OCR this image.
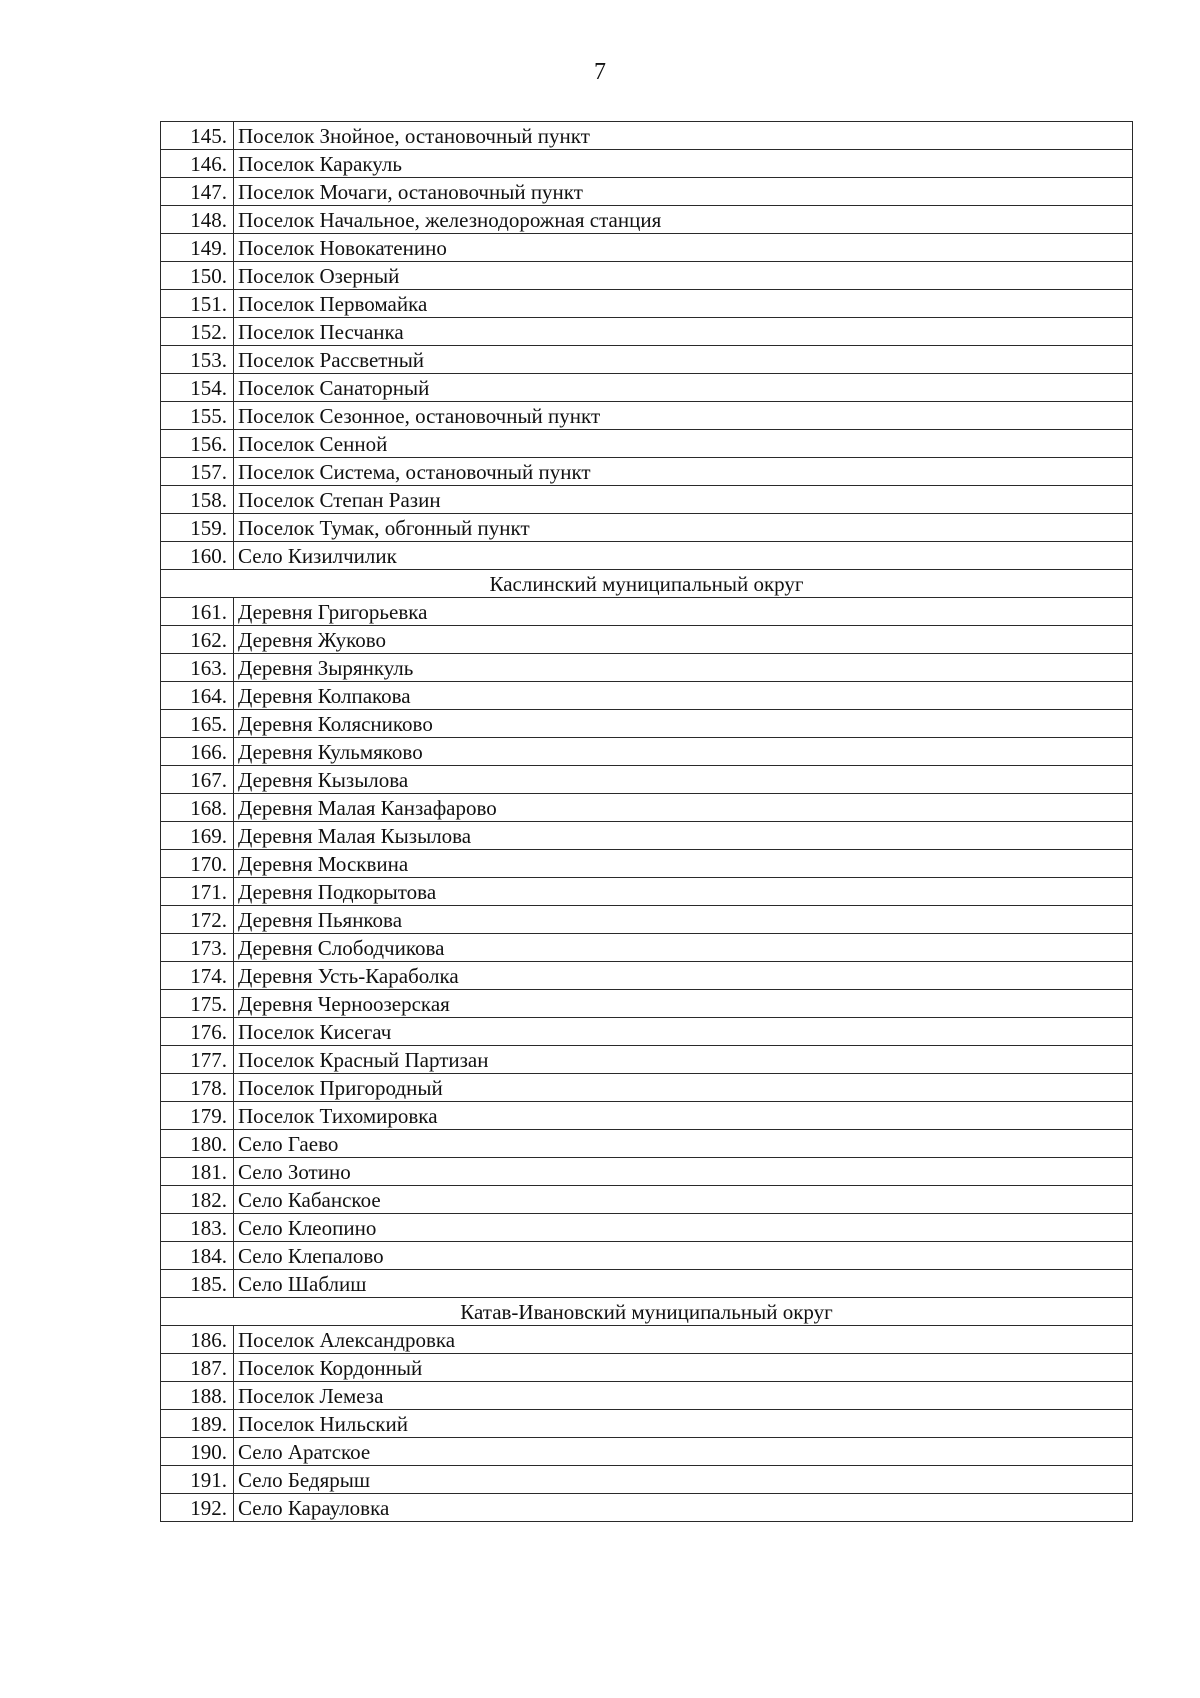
7
145.	Поселок Знойное, остановочный пункт
146.	Поселок Каракуль
147.	Поселок Мочаги, остановочный пункт
148.	Поселок Начальное, железнодорожная станция
149.	Поселок Новокатенино
150.	Поселок Озерный
151.	Поселок Первомайка
152.	Поселок Песчанка
153.	Поселок Рассветный
154.	Поселок Санаторный
155.	Поселок Сезонное, остановочный пункт
156.	Поселок Сенной
157.	Поселок Система, остановочный пункт
158.	Поселок Степан Разин
159.	Поселок Тумак, обгонный пункт
160.	Село Кизилчилик
Каслинский муниципальный округ	
161.	Деревня Григорьевка
162.	Деревня Жуково
163.	Деревня Зырянкуль
164.	Деревня Колпакова
165.	Деревня Колясниково
166.	Деревня Кульмяково
167.	Деревня Кызылова
168.	Деревня Малая Канзафарово
169.	Деревня Малая Кызылова
170.	Деревня Москвина
171.	Деревня Подкорытова
172.	Деревня Пьянкова
173.	Деревня Слободчикова
174.	Деревня Усть-Караболка
175.	Деревня Черноозерская
176.	Поселок Кисегач
177.	Поселок Красный Партизан
178.	Поселок Пригородный
179.	Поселок Тихомировка
180.	Село Гаево
181.	Село Зотино
182.	Село Кабанское
183.	Село Клеопино
184.	Село Клепалово
185.	Село Шаблиш
Катав-Ивановский муниципальный округ	
186.	Поселок Александровка
187.	Поселок Кордонный
188.	Поселок Лемеза
189.	Поселок Нильский
190.	Село Аратское
191.	Село Бедярыш
192.	Село Карауловка
